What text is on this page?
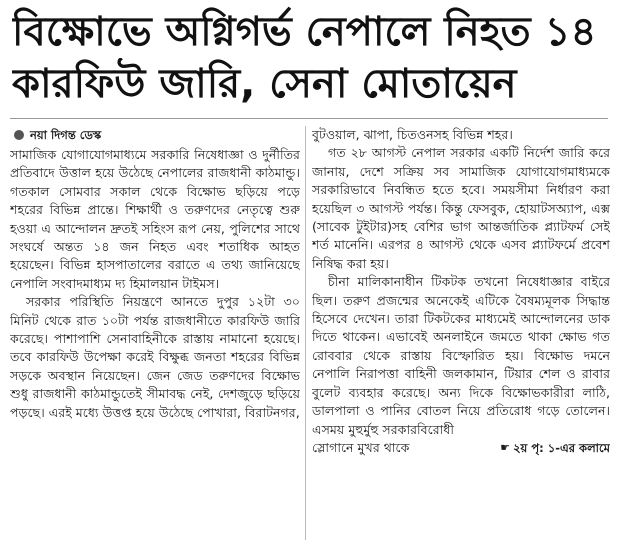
বিক্ষোভে অগ্নিগর্ভ নেপালে নিহত ১৪
কারফিউ জারি, সেনা মোতায়েন
নয়া দিগন্ত ডেস্ক

সামাজিক যোগাযোগমাধ্যমে সরকারি নিষেধাজ্ঞা ও দুর্নীতির প্রতিবাদে উত্তাল হয়ে উঠেছে নেপালের রাজধানী কাঠমান্ডু। গতকাল সোমবার সকাল থেকে বিক্ষোভ ছড়িয়ে পড়ে শহরের বিভিন্ন প্রান্তে। শিক্ষার্থী ও তরুণদের নেতৃত্বে শুরু হওয়া এ আন্দোলন দ্রুতই সহিংস রূপ নেয়, পুলিশের সাথে সংঘর্ষে অন্তত ১৪ জন নিহত এবং শতাধিক আহত হয়েছেন। বিভিন্ন হাসপাতালের বরাতে এ তথ্য জানিয়েছে নেপালি সংবাদমাধ্যম দ্য হিমালয়ান টাইমস।

সরকার পরিস্থিতি নিয়ন্ত্রণে আনতে দুপুর ১২টা ৩০ মিনিট থেকে রাত ১০টা পর্যন্ত রাজধানীতে কারফিউ জারি করেছে। পাশাপাশি সেনাবাহিনীকে রাস্তায় নামানো হয়েছে। তবে কারফিউ উপেক্ষা করেই বিক্ষুব্ধ জনতা শহরের বিভিন্ন সড়কে অবস্থান নিয়েছেন। জেন জেড তরুণদের বিক্ষোভ শুধু রাজধানী কাঠমান্ডুতেই সীমাবদ্ধ নেই, দেশজুড়ে ছড়িয়ে পড়ছে। এরই মধ্যে উত্তপ্ত হয়ে উঠেছে পোখারা, বিরাটনগর,

বুটওয়াল, ঝাপা, চিতওনসহ বিভিন্ন শহর।

গত ২৮ আগস্ট নেপাল সরকার একটি নির্দেশ জারি করে জানায়, দেশে সক্রিয় সব সামাজিক যোগাযোগমাধ্যমকে সরকারিভাবে নিবন্ধিত হতে হবে। সময়সীমা নির্ধারণ করা হয়েছিল ৩ আগস্ট পর্যন্ত। কিন্তু ফেসবুক, হোয়াটসঅ্যাপ, এক্স (সাবেক টুইটার)সহ বেশির ভাগ আন্তর্জাতিক প্ল্যাটফর্ম সেই শর্ত মানেনি। এরপর ৪ আগস্ট থেকে এসব প্ল্যাটফর্মে প্রবেশ নিষিদ্ধ করা হয়।

চীনা মালিকানাধীন টিকটক তখনো নিষেধাজ্ঞার বাইরে ছিল। তরুণ প্রজন্মের অনেকেই এটিকে বৈষম্যমূলক সিদ্ধান্ত হিসেবে দেখেন। তারা টিকটকের মাধ্যমেই আন্দোলনের ডাক দিতে থাকেন। এভাবেই অনলাইনে জমতে থাকা ক্ষোভ গত রোববার থেকে রাস্তায় বিস্ফোরিত হয়। বিক্ষোভ দমনে নেপালি নিরাপত্তা বাহিনী জলকামান, টিয়ার শেল ও রাবার বুলেট ব্যবহার করেছে। অন্য দিকে বিক্ষোভকারীরা লাঠি, ডালপালা ও পানির বোতল নিয়ে প্রতিরোধ গড়ে তোলেন। এসময় মুহুর্মুহু সরকারবিরোধী

স্লোগানে মুখর থাকে	☛ ২য় পৃ: ১-এর কলামে
